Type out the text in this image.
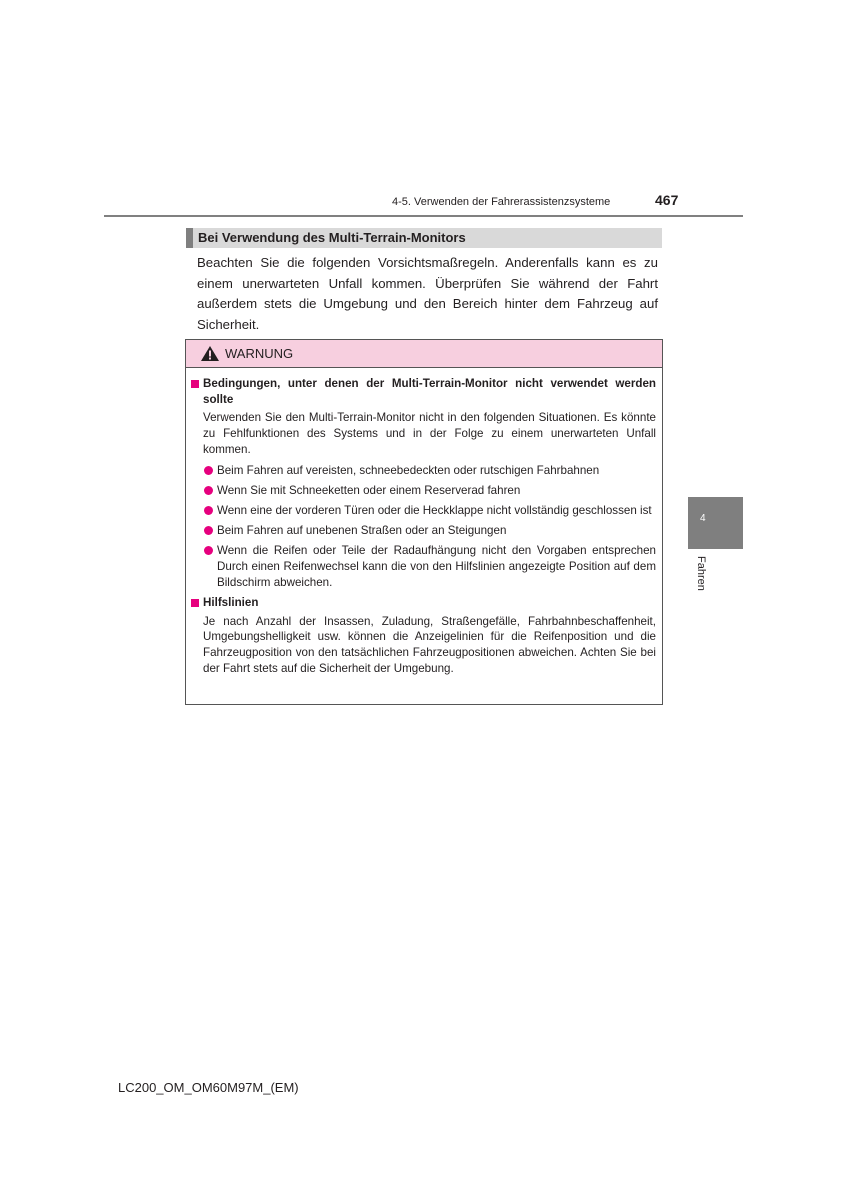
4-5. Verwenden der Fahrerassistenzsysteme	467
Bei Verwendung des Multi-Terrain-Monitors
Beachten Sie die folgenden Vorsichtsmaßregeln. Anderenfalls kann es zu einem unerwarteten Unfall kommen. Überprüfen Sie während der Fahrt außerdem stets die Umgebung und den Bereich hinter dem Fahrzeug auf Sicherheit.
WARNUNG
Bedingungen, unter denen der Multi-Terrain-Monitor nicht verwendet werden sollte
Verwenden Sie den Multi-Terrain-Monitor nicht in den folgenden Situationen. Es könnte zu Fehlfunktionen des Systems und in der Folge zu einem unerwarteten Unfall kommen.
Beim Fahren auf vereisten, schneebedeckten oder rutschigen Fahrbahnen
Wenn Sie mit Schneeketten oder einem Reserverad fahren
Wenn eine der vorderen Türen oder die Heckklappe nicht vollständig geschlossen ist
Beim Fahren auf unebenen Straßen oder an Steigungen
Wenn die Reifen oder Teile der Radaufhängung nicht den Vorgaben entsprechen Durch einen Reifenwechsel kann die von den Hilfslinien angezeigte Position auf dem Bildschirm abweichen.
Hilfslinien
Je nach Anzahl der Insassen, Zuladung, Straßengefälle, Fahrbahnbeschaffenheit, Umgebungshelligkeit usw. können die Anzeigelinien für die Reifenposition und die Fahrzeugposition von den tatsächlichen Fahrzeugpositionen abweichen. Achten Sie bei der Fahrt stets auf die Sicherheit der Umgebung.
4
Fahren
LC200_OM_OM60M97M_(EM)
